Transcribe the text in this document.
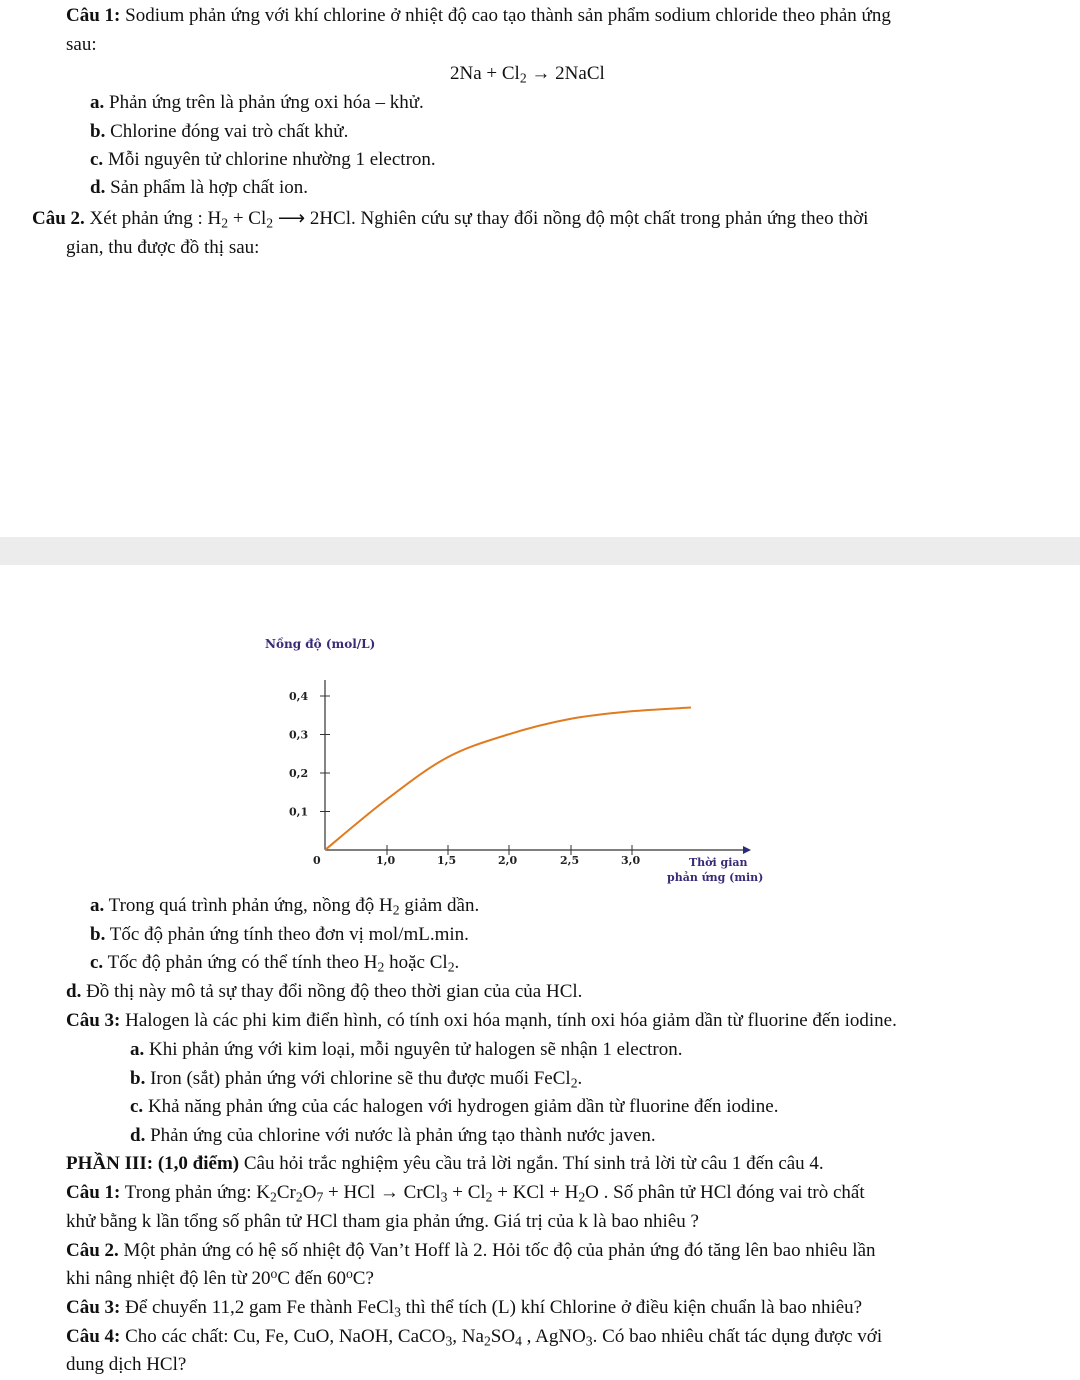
Câu 1: Sodium phản ứng với khí chlorine ở nhiệt độ cao tạo thành sản phẩm sodium chloride theo phản ứng
sau:
$2Na + Cl_2$ → 2NaCl
a. Phản ứng trên là phản ứng oxi hóa – khử.
b. Chlorine đóng vai trò chất khử.
c. Mỗi nguyên tử chlorine nhường 1 electron.
d. Sản phẩm là hợp chất ion.
Câu 2. Xét phản ứng : $H_2 + Cl_2$ ⟶ 2HCl. Nghiên cứu sự thay đổi nồng độ một chất trong phản ứng theo thời
gian, thu được đồ thị sau:
Nồng độ (mol/L)
0,1
0,2
0,3
0,4
1,0	1,5	2,0	2,5	3,0
0	Thời gian
phản ứng (min)
a. Trong quá trình phản ứng, nồng độ $H_2$ giảm dần.
b. Tốc độ phản ứng tính theo đơn vị mol/mL.min.
c. Tốc độ phản ứng có thể tính theo $H_2$ hoặc $Cl_2$.
d. Đồ thị này mô tả sự thay đổi nồng độ theo thời gian của của HCl.
Câu 3: Halogen là các phi kim điển hình, có tính oxi hóa mạnh, tính oxi hóa giảm dần từ fluorine đến iodine.
a. Khi phản ứng với kim loại, mỗi nguyên tử halogen sẽ nhận 1 electron.
b. Iron (sắt) phản ứng với chlorine sẽ thu được muối FeCl$_2$.
c. Khả năng phản ứng của các halogen với hydrogen giảm dần từ fluorine đến iodine.
d. Phản ứng của chlorine với nước là phản ứng tạo thành nước javen.
PHẦN III: (1,0 điểm) Câu hỏi trắc nghiệm yêu cầu trả lời ngắn. Thí sinh trả lời từ câu 1 đến câu 4.
Câu 1: Trong phản ứng: $K_2Cr_2O_7$ + HCl → CrCl$_3$ + $Cl_2$ + KCl + $H_2O$ . Số phân tử HCl đóng vai trò chất
khử bằng k lần tổng số phân tử HCl tham gia phản ứng. Giá trị của k là bao nhiêu ?
Câu 2. Một phản ứng có hệ số nhiệt độ Van’t Hoff là 2. Hỏi tốc độ của phản ứng đó tăng lên bao nhiêu lần
khi nâng nhiệt độ lên từ 20$^o$C đến 60$^o$C?
Câu 3: Để chuyển 11,2 gam Fe thành FeCl$_3$ thì thể tích (L) khí Chlorine ở điều kiện chuẩn là bao nhiêu?
Câu 4: Cho các chất: Cu, Fe, CuO, NaOH, CaCO$_3$, $Na_2SO_4$ , AgNO$_3$. Có bao nhiêu chất tác dụng được với
dung dịch HCl?
